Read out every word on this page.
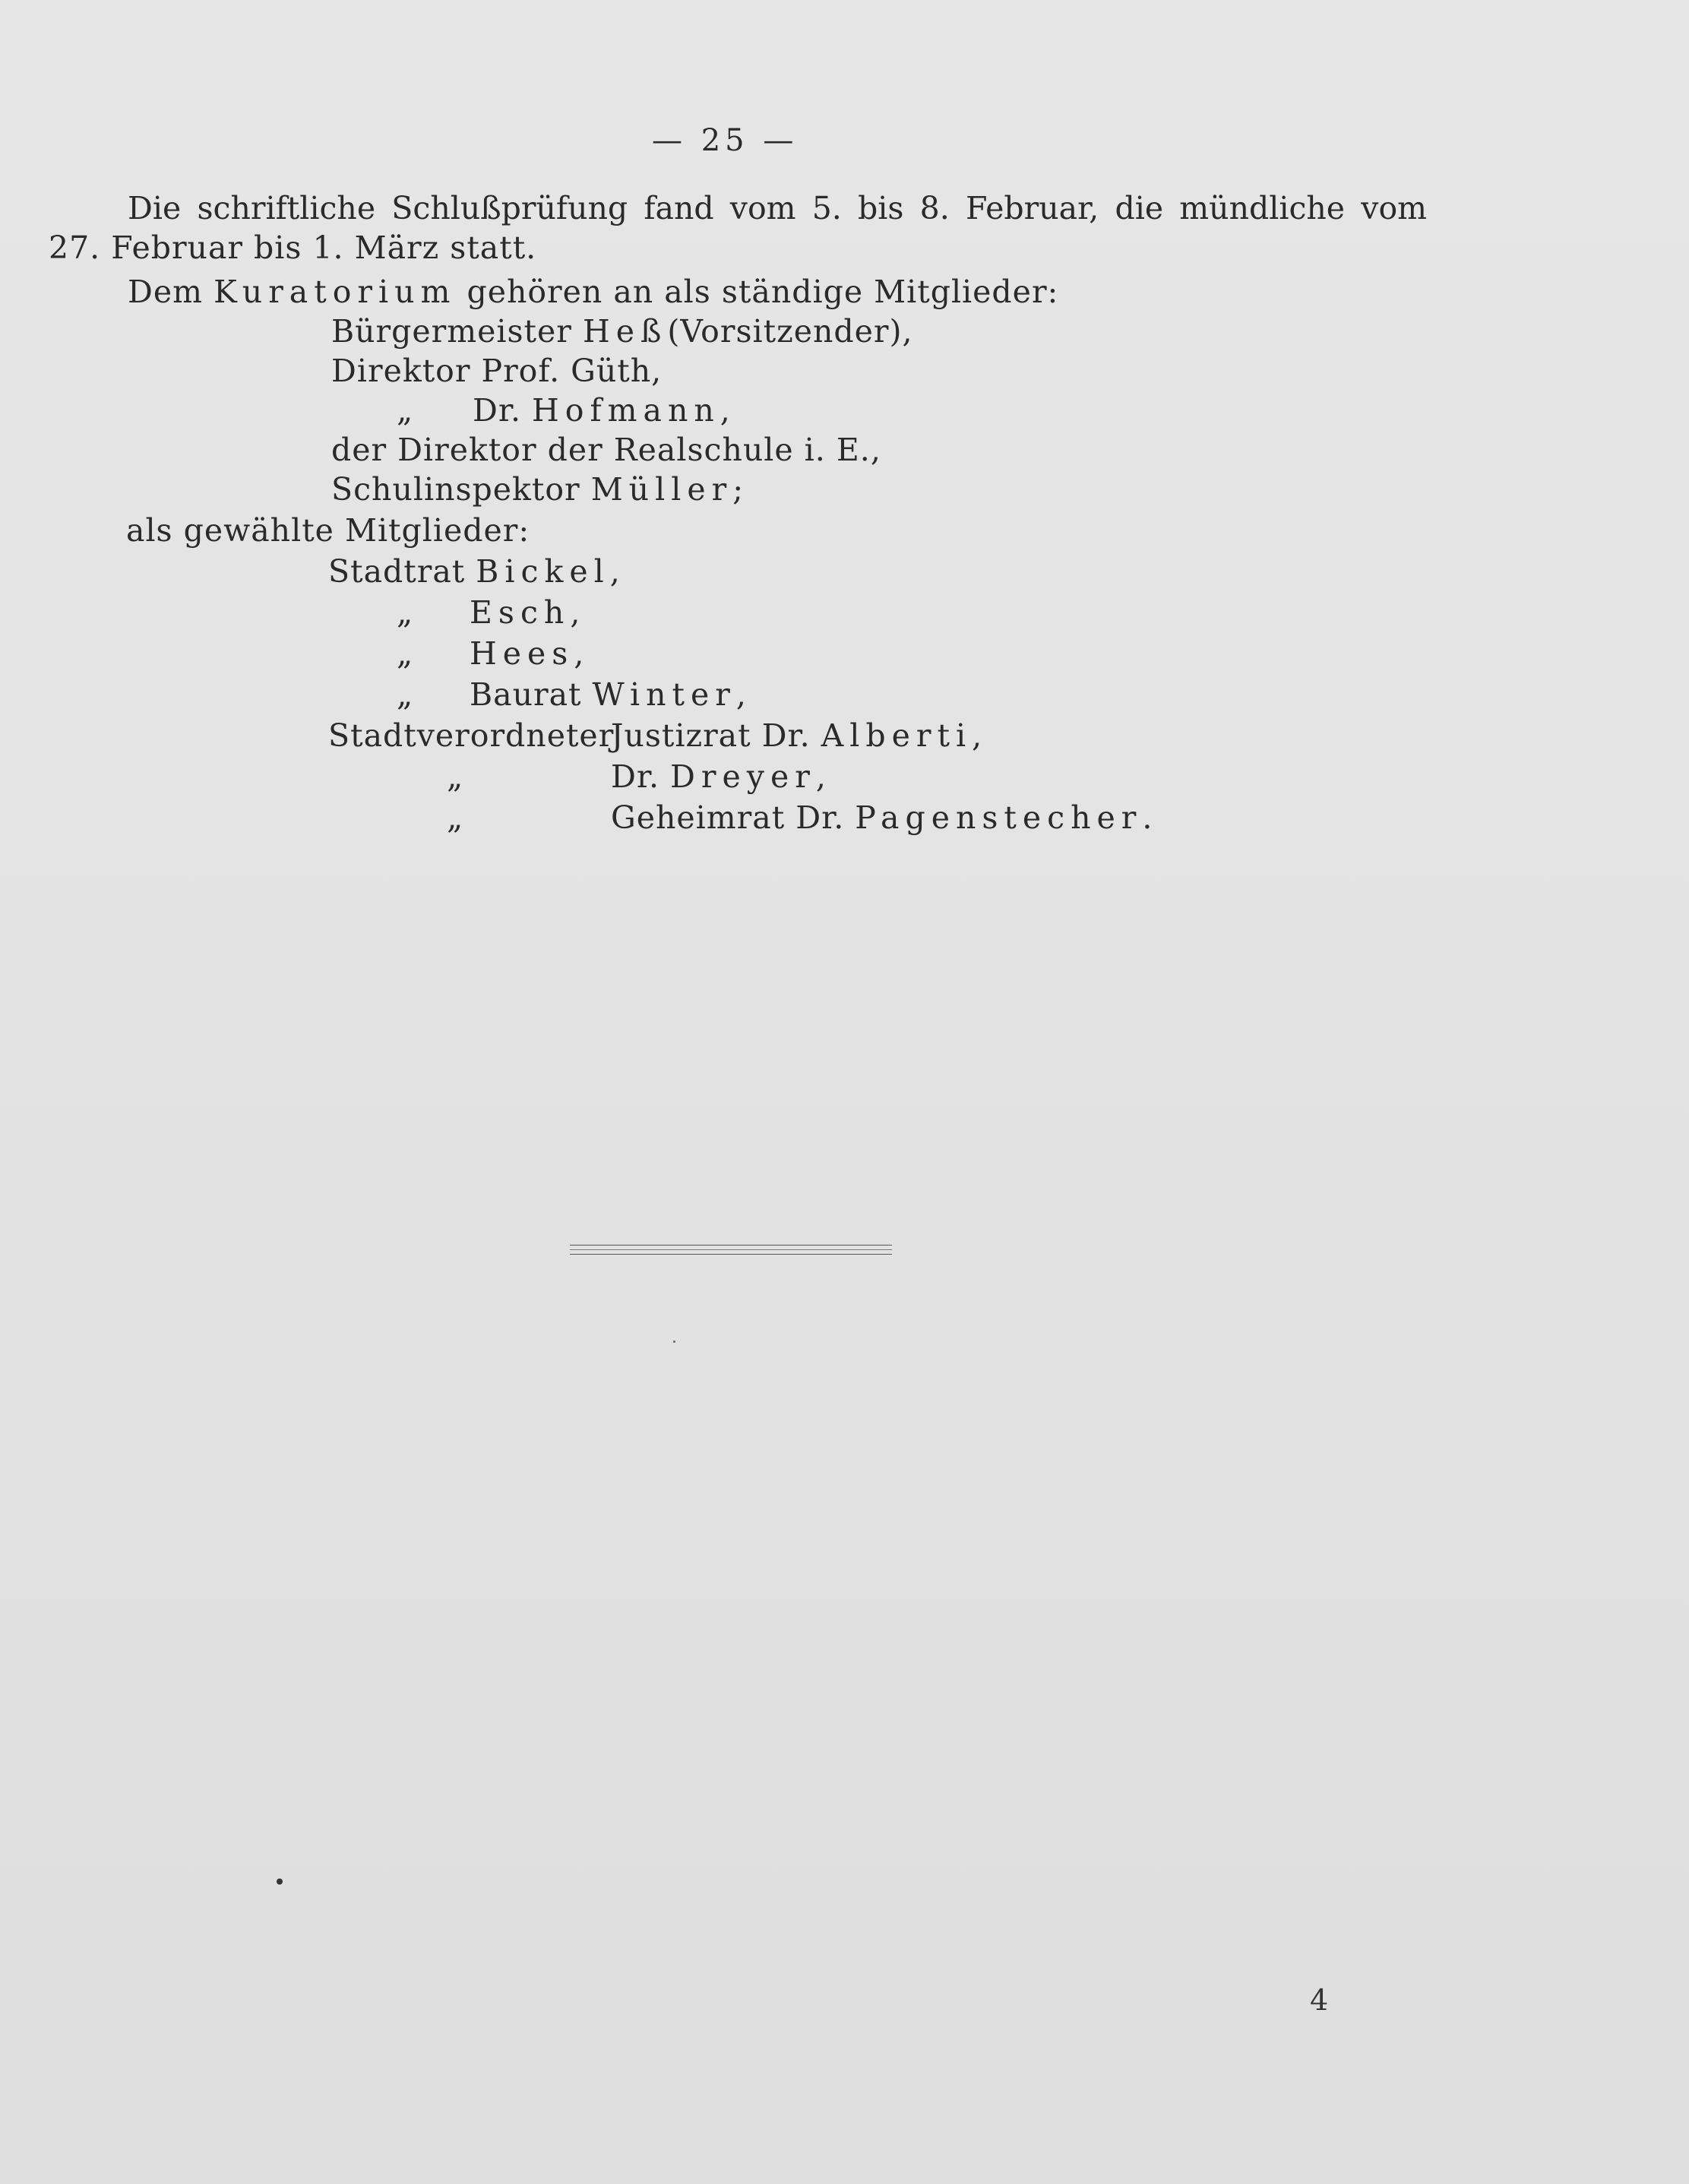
— 25 —
Die schriftliche Schlußprüfung fand vom 5. bis 8. Februar, die mündliche vom
27. Februar bis 1. März statt.
Dem Kuratorium gehören an als ständige Mitglieder:
Bürgermeister Heß(Vorsitzender),
Direktor Prof. Güth,
„ Dr. Hofmann,
der Direktor der Realschule i. E.,
Schulinspektor Müller;
als gewählte Mitglieder:
Stadtrat Bickel,
„ Esch,
„ Hees,
„ Baurat Winter,
Stadtverordneter
Justizrat Dr. Alberti,
„	Dr. Dreyer,
„	Geheimrat Dr. Pagenstecher.
4
